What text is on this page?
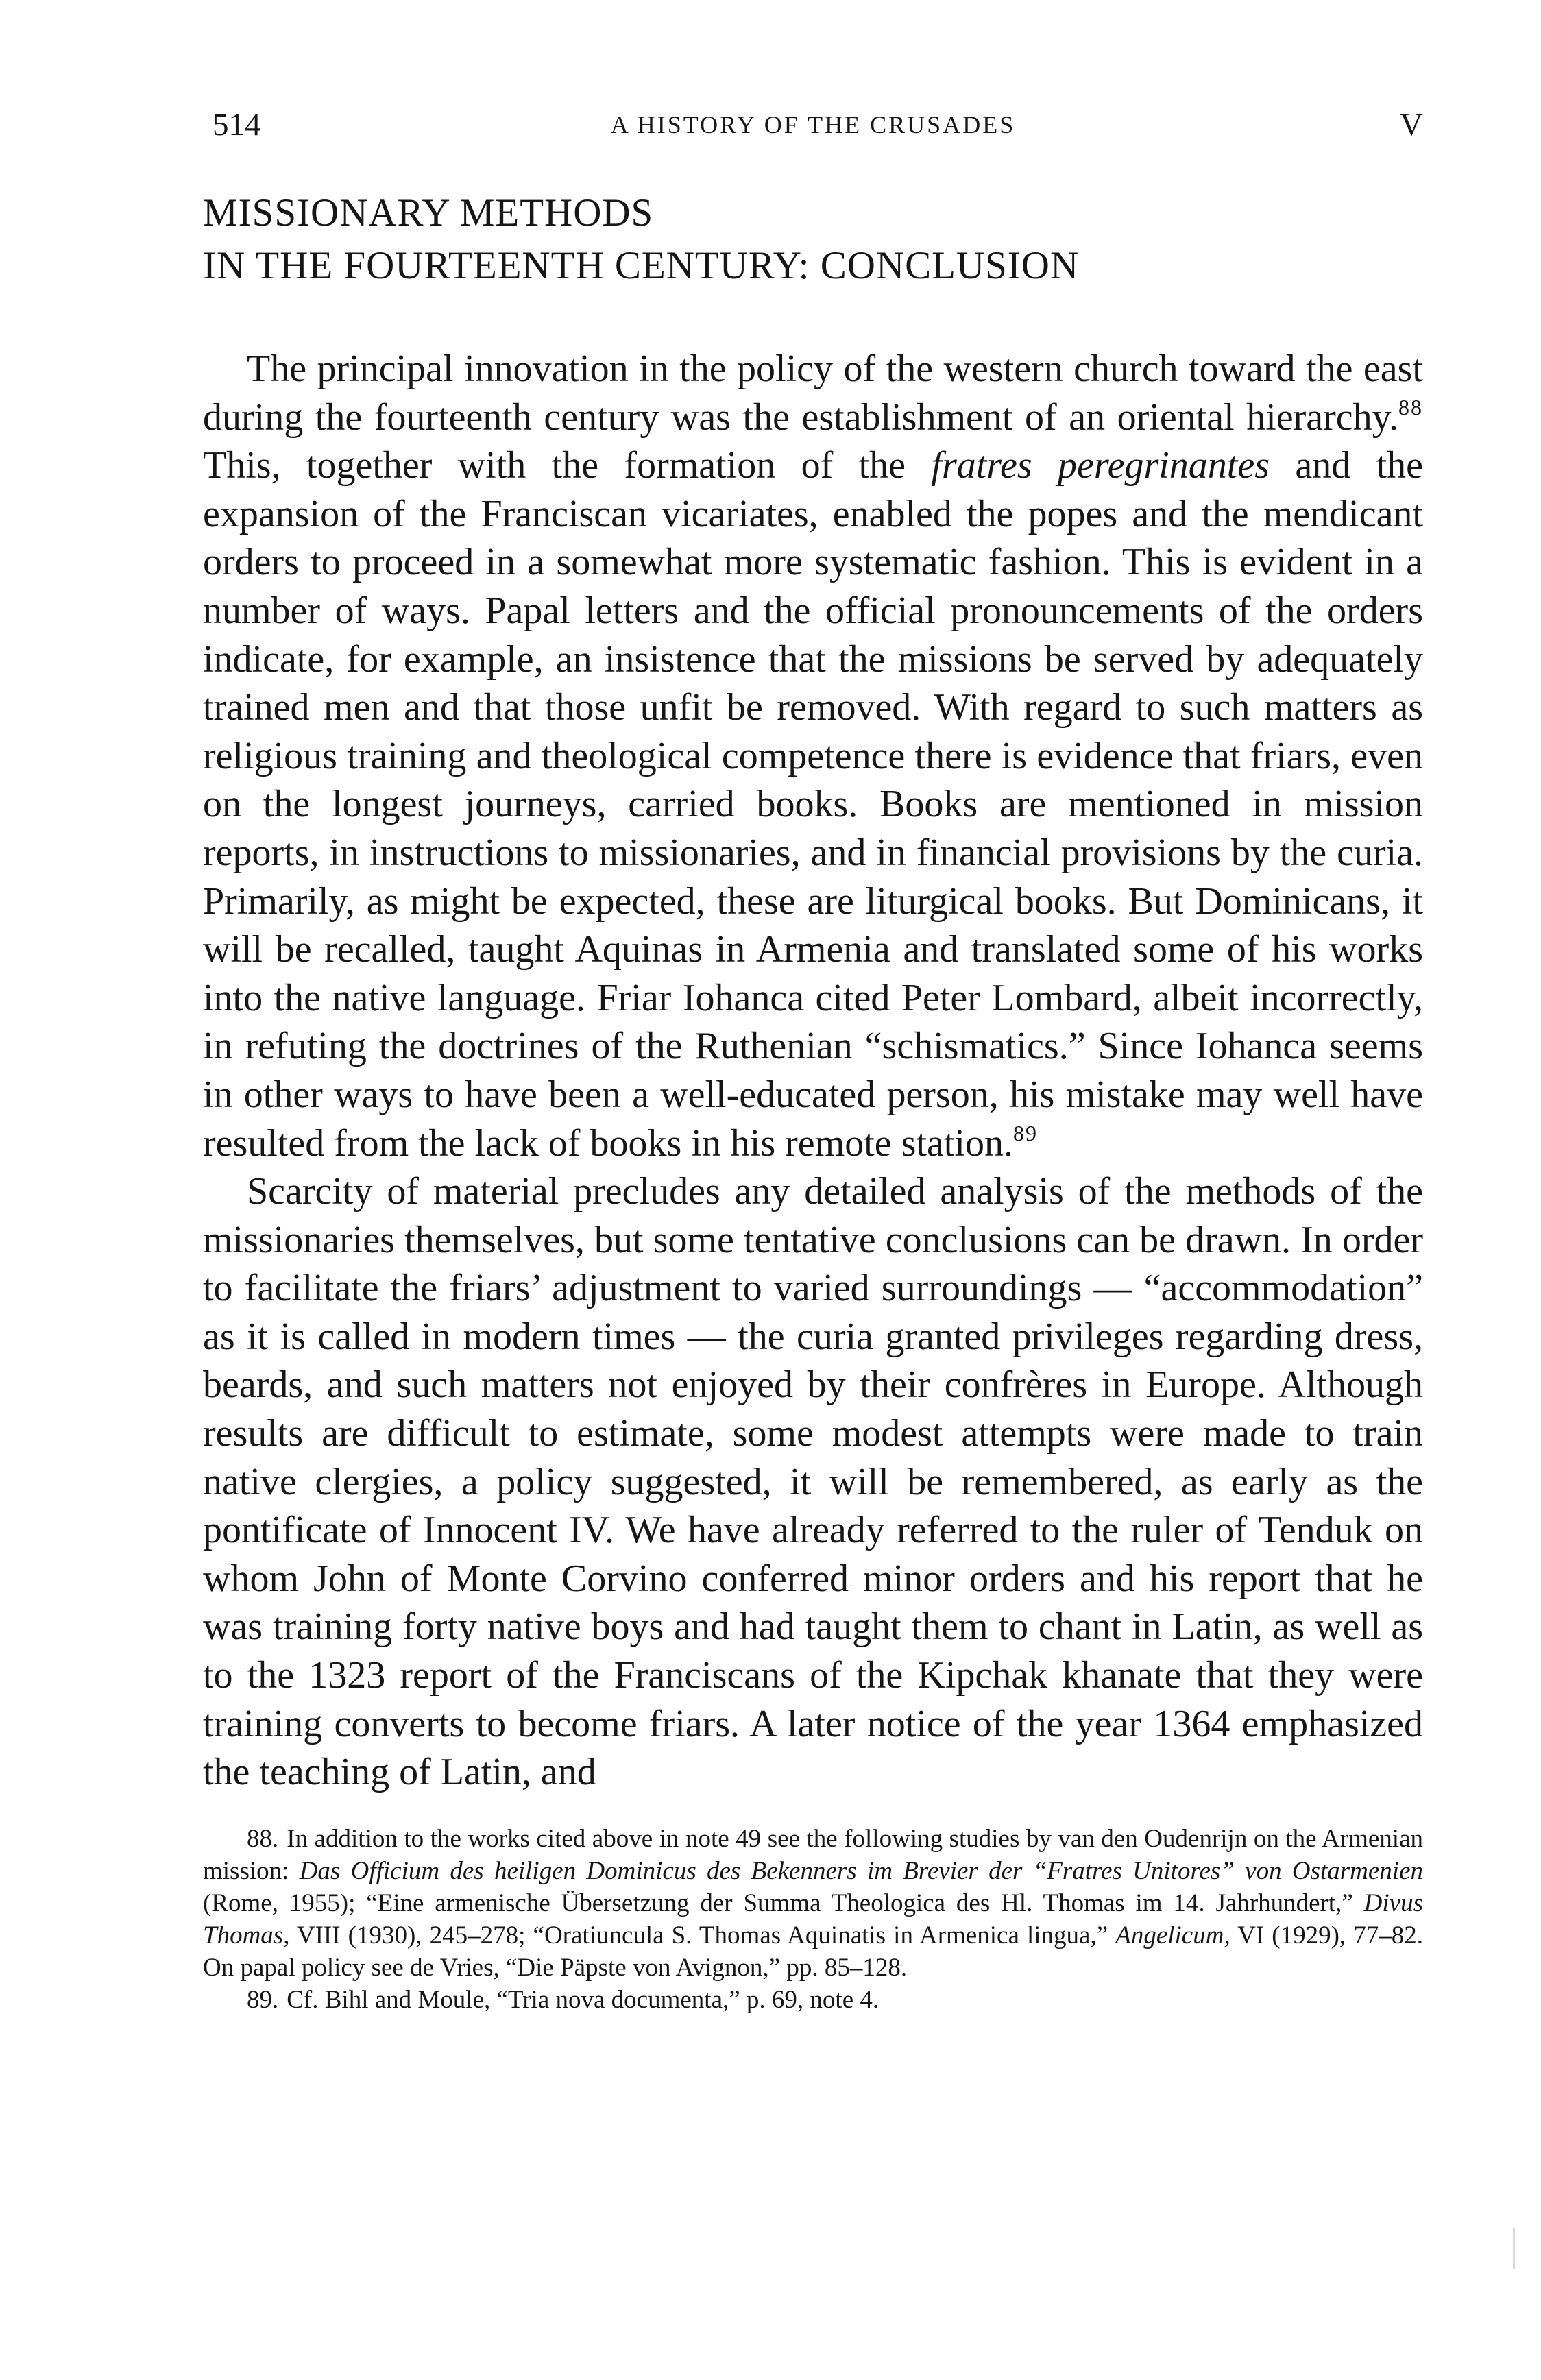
514	A HISTORY OF THE CRUSADES	V
MISSIONARY METHODS
IN THE FOURTEENTH CENTURY: CONCLUSION

The principal innovation in the policy of the western church toward the east during the fourteenth century was the establishment of an oriental hierarchy.$^{88}$ This, together with the formation of the fratres peregrinantes and the expansion of the Franciscan vicariates, enabled the popes and the mendicant orders to proceed in a somewhat more systematic fashion. This is evident in a number of ways. Papal letters and the official pronouncements of the orders indicate, for example, an insistence that the missions be served by adequately trained men and that those unfit be removed. With regard to such matters as religious training and theological competence there is evidence that friars, even on the longest journeys, carried books. Books are mentioned in mission reports, in instructions to missionaries, and in financial provisions by the curia. Primarily, as might be expected, these are liturgical books. But Dominicans, it will be recalled, taught Aquinas in Armenia and translated some of his works into the native language. Friar Iohanca cited Peter Lombard, albeit incorrectly, in refuting the doctrines of the Ruthenian “schismatics.” Since Iohanca seems in other ways to have been a well-educated person, his mistake may well have resulted from the lack of books in his remote station.$^{89}$

Scarcity of material precludes any detailed analysis of the methods of the missionaries themselves, but some tentative conclusions can be drawn. In order to facilitate the friars’ adjustment to varied surroundings — “accommodation” as it is called in modern times — the curia granted privileges regarding dress, beards, and such matters not enjoyed by their confrères in Europe. Although results are difficult to estimate, some modest attempts were made to train native clergies, a policy suggested, it will be remembered, as early as the pontificate of Innocent IV. We have already referred to the ruler of Tenduk on whom John of Monte Corvino conferred minor orders and his report that he was training forty native boys and had taught them to chant in Latin, as well as to the 1323 report of the Franciscans of the Kipchak khanate that they were training converts to become friars. A later notice of the year 1364 emphasized the teaching of Latin, and

88. In addition to the works cited above in note 49 see the following studies by van den Oudenrijn on the Armenian mission: Das Officium des heiligen Dominicus des Bekenners im Brevier der “Fratres Unitores” von Ostarmenien (Rome, 1955); “Eine armenische Übersetzung der Summa Theologica des Hl. Thomas im 14. Jahrhundert,” Divus Thomas, VIII (1930), 245–278; “Oratiuncula S. Thomas Aquinatis in Armenica lingua,” Angelicum, VI (1929), 77–82. On papal policy see de Vries, “Die Päpste von Avignon,” pp. 85–128.

89. Cf. Bihl and Moule, “Tria nova documenta,” p. 69, note 4.
